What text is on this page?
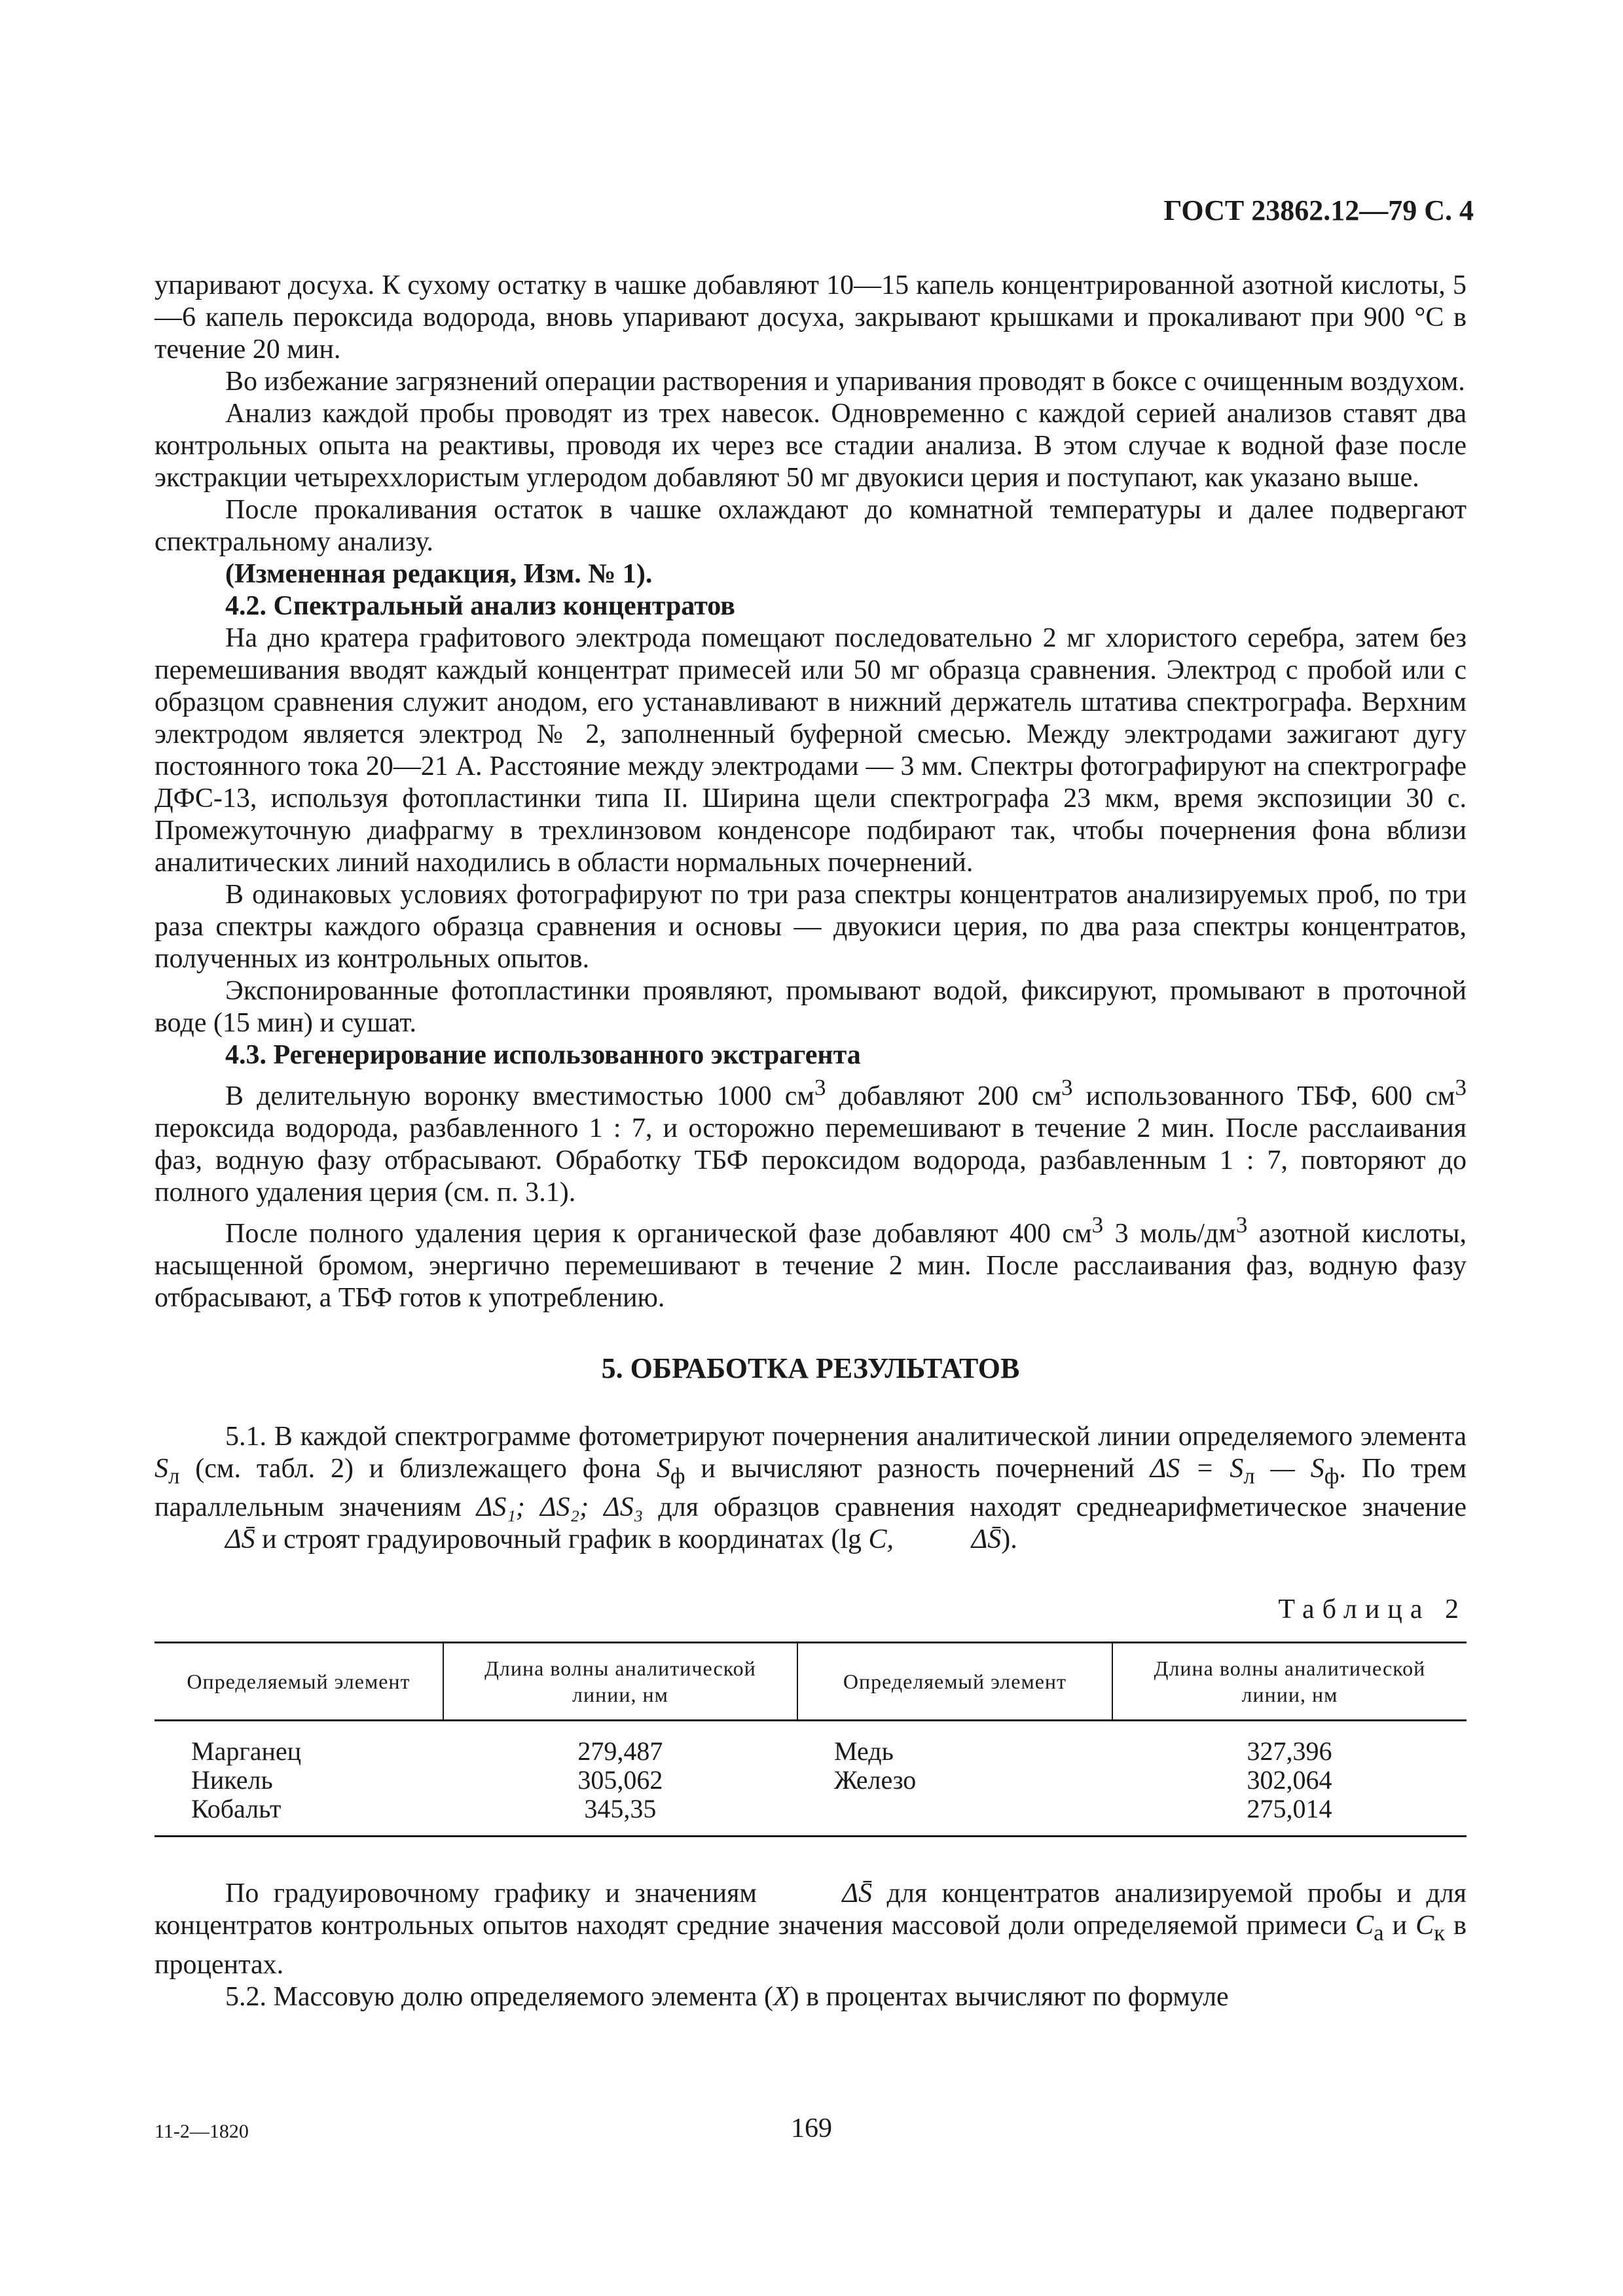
ГОСТ 23862.12—79 С. 4

упаривают досуха. К сухому остатку в чашке добавляют 10—15 капель концентрированной азотной кислоты, 5—6 капель пероксида водорода, вновь упаривают досуха, закрывают крышками и прокаливают при 900 °С в течение 20 мин.

Во избежание загрязнений операции растворения и упаривания проводят в боксе с очищенным воздухом.

Анализ каждой пробы проводят из трех навесок. Одновременно с каждой серией анализов ставят два контрольных опыта на реактивы, проводя их через все стадии анализа. В этом случае к водной фазе после экстракции четыреххлористым углеродом добавляют 50 мг двуокиси церия и поступают, как указано выше.

После прокаливания остаток в чашке охлаждают до комнатной температуры и далее подвергают спектральному анализу.

(Измененная редакция, Изм. № 1).

4.2. Спектральный анализ концентратов

На дно кратера графитового электрода помещают последовательно 2 мг хлористого серебра, затем без перемешивания вводят каждый концентрат примесей или 50 мг образца сравнения. Электрод с пробой или с образцом сравнения служит анодом, его устанавливают в нижний держатель штатива спектрографа. Верхним электродом является электрод № 2, заполненный буферной смесью. Между электродами зажигают дугу постоянного тока 20—21 А. Расстояние между электродами — 3 мм. Спектры фотографируют на спектрографе ДФС-13, используя фотопластинки типа II. Ширина щели спектрографа 23 мкм, время экспозиции 30 с. Промежуточную диафрагму в трехлинзовом конденсоре подбирают так, чтобы почернения фона вблизи аналитических линий находились в области нормальных почернений.

В одинаковых условиях фотографируют по три раза спектры концентратов анализируемых проб, по три раза спектры каждого образца сравнения и основы — двуокиси церия, по два раза спектры концентратов, полученных из контрольных опытов.

Экспонированные фотопластинки проявляют, промывают водой, фиксируют, промывают в проточной воде (15 мин) и сушат.

4.3. Регенерирование использованного экстрагента

В делительную воронку вместимостью 1000 $см^3$ добавляют 200 $см^3$ использованного ТБФ, 600 $см^3$ пероксида водорода, разбавленного 1 : 7, и осторожно перемешивают в течение 2 мин. После расслаивания фаз, водную фазу отбрасывают. Обработку ТБФ пероксидом водорода, разбавленным 1 : 7, повторяют до полного удаления церия (см. п. 3.1).

После полного удаления церия к органической фазе добавляют 400 $см^3$ 3 моль/$дм^3$ азотной кислоты, насыщенной бромом, энергично перемешивают в течение 2 мин. После расслаивания фаз, водную фазу отбрасывают, а ТБФ готов к употреблению.

5. ОБРАБОТКА РЕЗУЛЬТАТОВ

5.1. В каждой спектрограмме фотометрируют почернения аналитической линии определяемого элемента $S_л$ (см. табл. 2) и близлежащего фона $S_ф$ и вычисляют разность почернений $\Delta S = S_л$ — $S_ф$. По трем параллельным значениям ΔS₁; ΔS₂; ΔS₃ для образцов сравнения находят среднеарифметическое значение ΔS̄ и строят градуировочный график в координатах (lg C,	ΔS̄).

Таблица 2

Определяемый элемент	Длина волны аналитической линии, нм	Определяемый элемент	Длина волны аналитической линии, нм
Марганец	279,487	Медь	327,396
Никель	305,062	Железо	302,064
Кобальт	345,35		275,014

По градуировочному графику и значениям	ΔS̄ для концентратов анализируемой пробы и для концентратов контрольных опытов находят средние значения массовой доли определяемой примеси $C_а$ и $C_к$ в процентах.

5.2. Массовую долю определяемого элемента (X) в процентах вычисляют по формуле

11-2—1820	169
